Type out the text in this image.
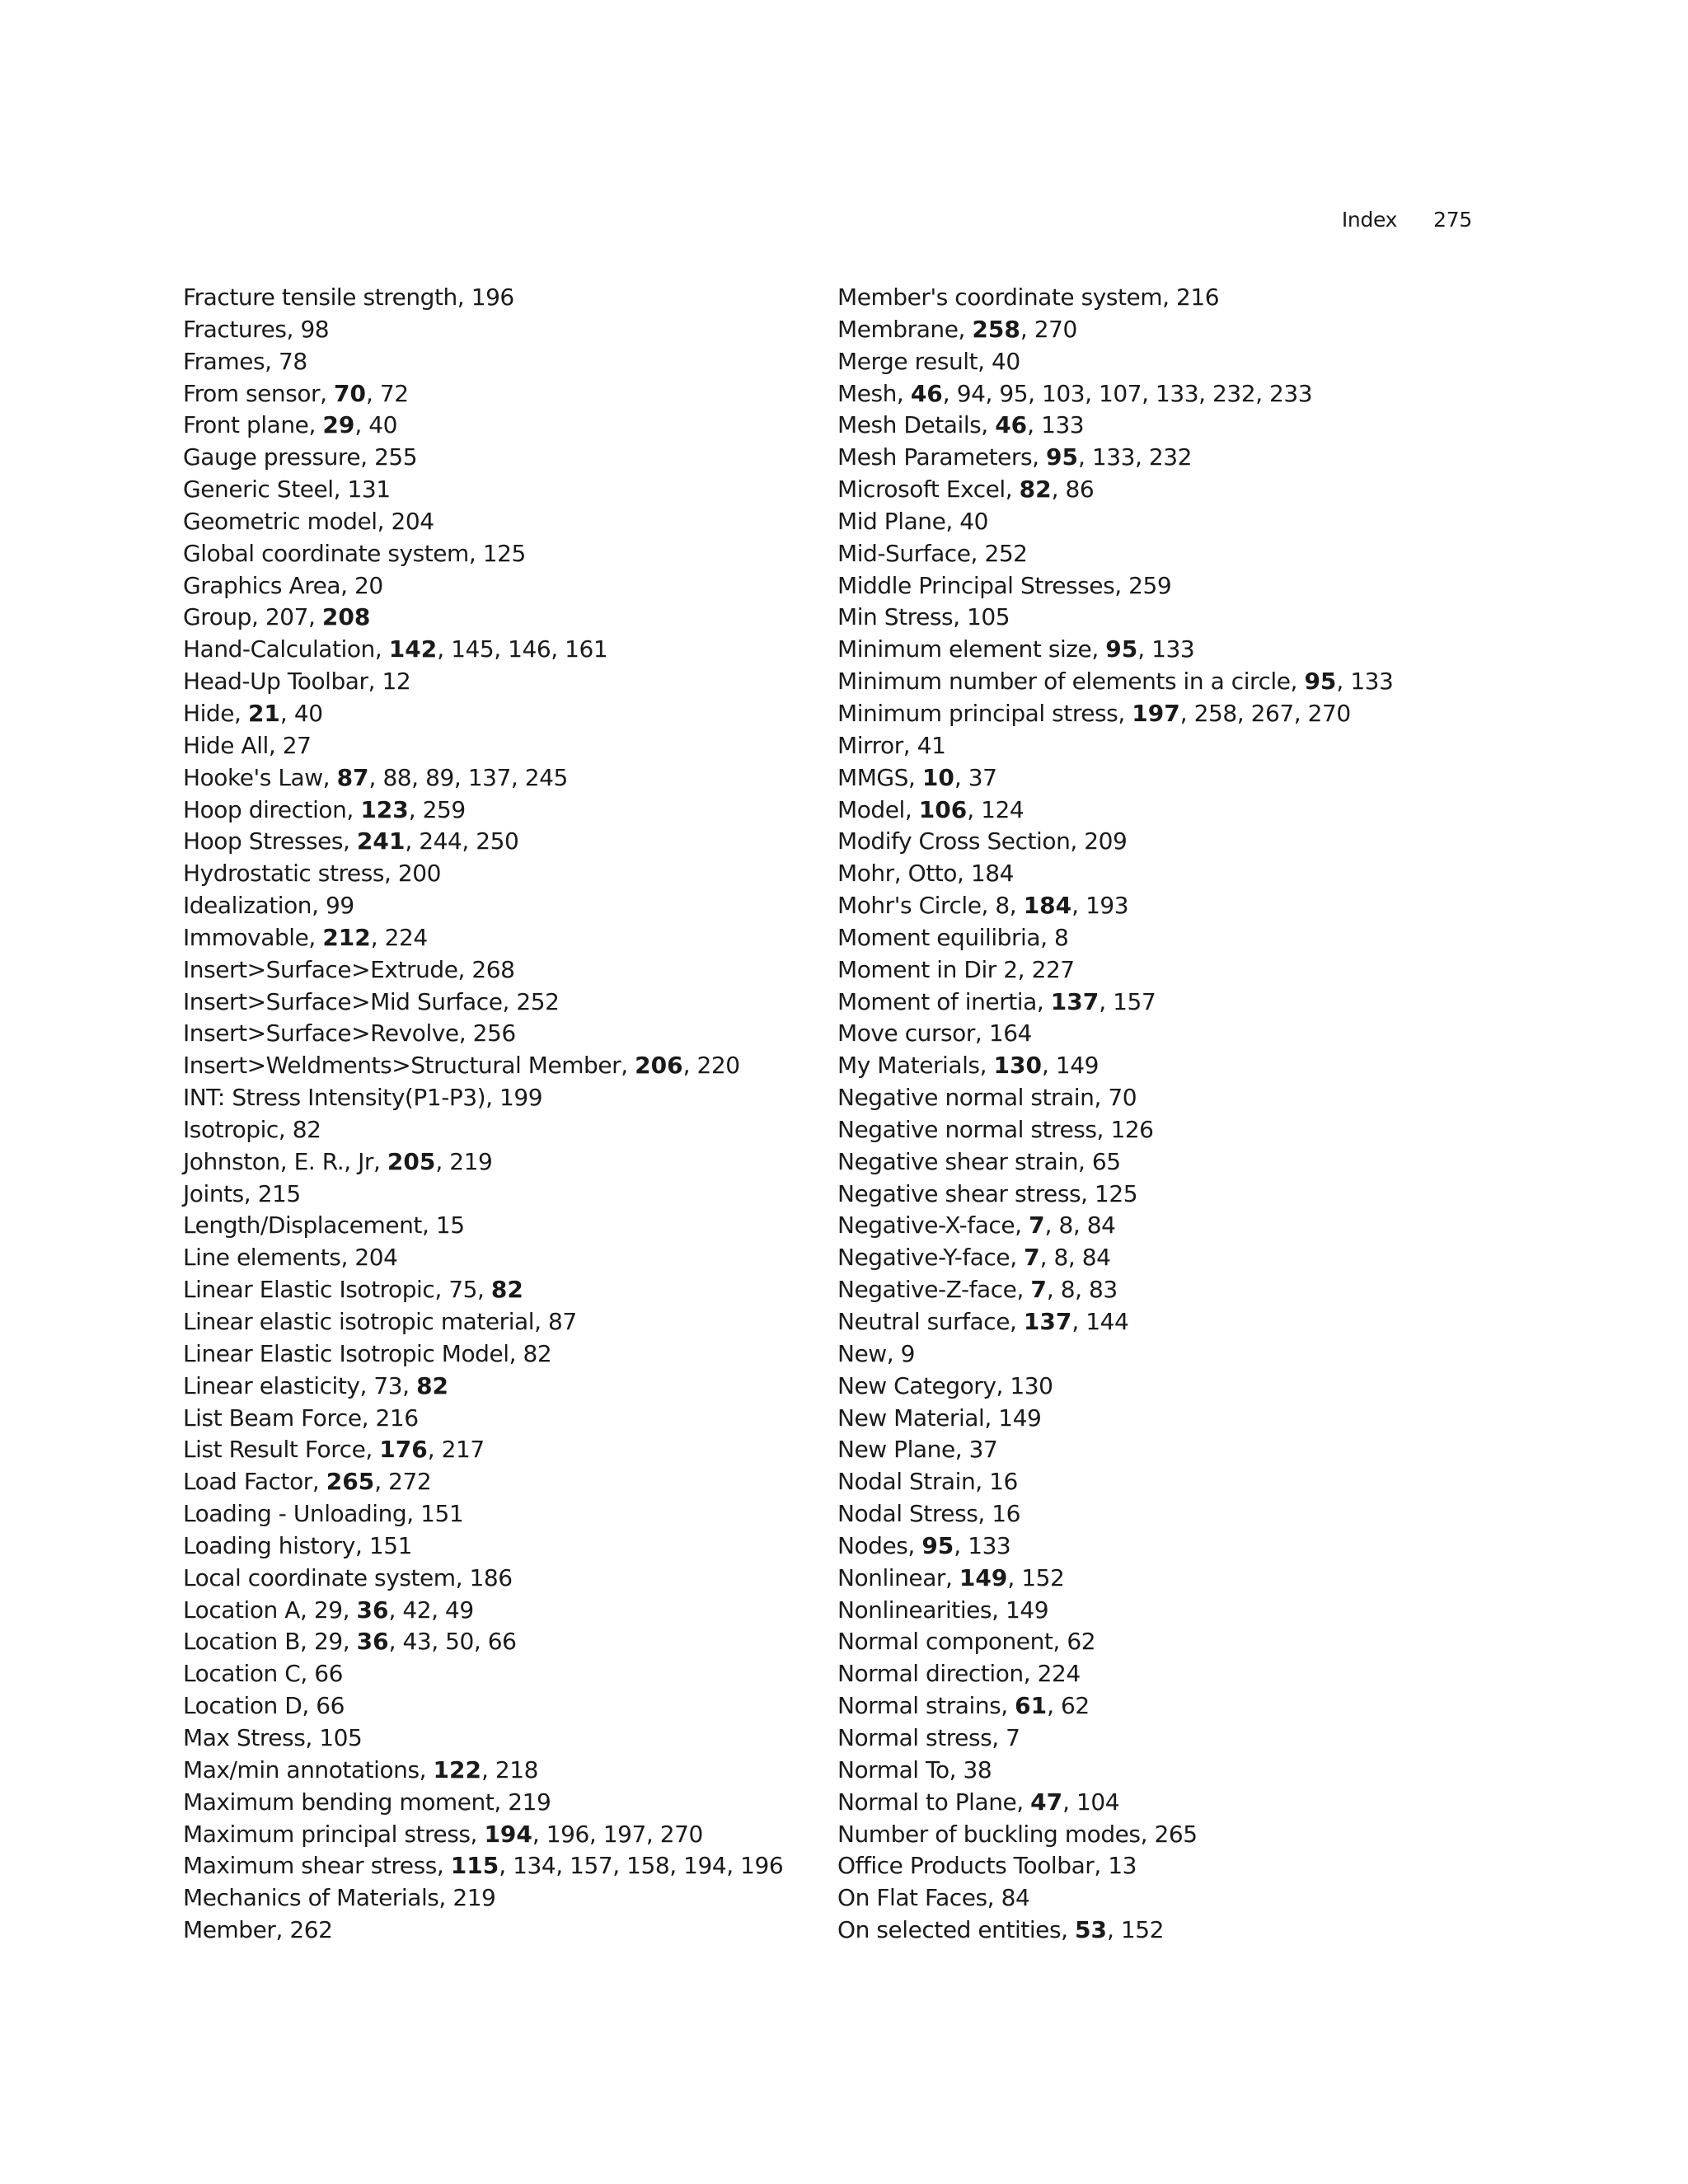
Index 275
Fracture tensile strength, 196
Fractures, 98
Frames, 78
From sensor, 70, 72
Front plane, 29, 40
Gauge pressure, 255
Generic Steel, 131
Geometric model, 204
Global coordinate system, 125
Graphics Area, 20
Group, 207, 208
Hand-Calculation, 142, 145, 146, 161
Head-Up Toolbar, 12
Hide, 21, 40
Hide All, 27
Hooke's Law, 87, 88, 89, 137, 245
Hoop direction, 123, 259
Hoop Stresses, 241, 244, 250
Hydrostatic stress, 200
Idealization, 99
Immovable, 212, 224
Insert>Surface>Extrude, 268
Insert>Surface>Mid Surface, 252
Insert>Surface>Revolve, 256
Insert>Weldments>Structural Member, 206, 220
INT: Stress Intensity(P1-P3), 199
Isotropic, 82
Johnston, E. R., Jr, 205, 219
Joints, 215
Length/Displacement, 15
Line elements, 204
Linear Elastic Isotropic, 75, 82
Linear elastic isotropic material, 87
Linear Elastic Isotropic Model, 82
Linear elasticity, 73, 82
List Beam Force, 216
List Result Force, 176, 217
Load Factor, 265, 272
Loading - Unloading, 151
Loading history, 151
Local coordinate system, 186
Location A, 29, 36, 42, 49
Location B, 29, 36, 43, 50, 66
Location C, 66
Location D, 66
Max Stress, 105
Max/min annotations, 122, 218
Maximum bending moment, 219
Maximum principal stress, 194, 196, 197, 270
Maximum shear stress, 115, 134, 157, 158, 194, 196
Mechanics of Materials, 219
Member, 262
Member's coordinate system, 216
Membrane, 258, 270
Merge result, 40
Mesh, 46, 94, 95, 103, 107, 133, 232, 233
Mesh Details, 46, 133
Mesh Parameters, 95, 133, 232
Microsoft Excel, 82, 86
Mid Plane, 40
Mid-Surface, 252
Middle Principal Stresses, 259
Min Stress, 105
Minimum element size, 95, 133
Minimum number of elements in a circle, 95, 133
Minimum principal stress, 197, 258, 267, 270
Mirror, 41
MMGS, 10, 37
Model, 106, 124
Modify Cross Section, 209
Mohr, Otto, 184
Mohr's Circle, 8, 184, 193
Moment equilibria, 8
Moment in Dir 2, 227
Moment of inertia, 137, 157
Move cursor, 164
My Materials, 130, 149
Negative normal strain, 70
Negative normal stress, 126
Negative shear strain, 65
Negative shear stress, 125
Negative-X-face, 7, 8, 84
Negative-Y-face, 7, 8, 84
Negative-Z-face, 7, 8, 83
Neutral surface, 137, 144
New, 9
New Category, 130
New Material, 149
New Plane, 37
Nodal Strain, 16
Nodal Stress, 16
Nodes, 95, 133
Nonlinear, 149, 152
Nonlinearities, 149
Normal component, 62
Normal direction, 224
Normal strains, 61, 62
Normal stress, 7
Normal To, 38
Normal to Plane, 47, 104
Number of buckling modes, 265
Office Products Toolbar, 13
On Flat Faces, 84
On selected entities, 53, 152
